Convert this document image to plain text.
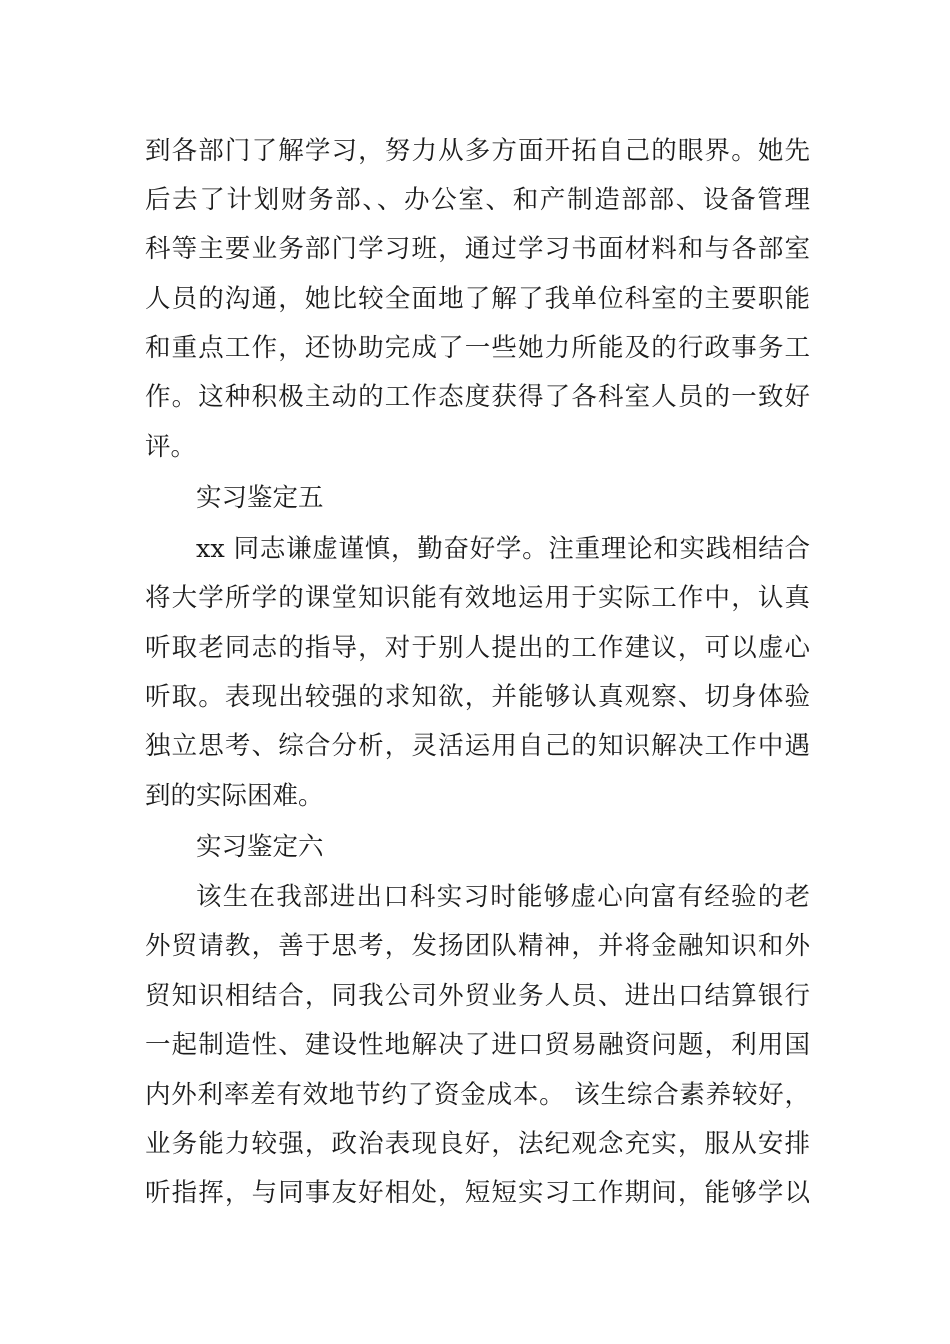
到各部门了解学习，努力从多方面开拓自己的眼界。她先
后去了计划财务部、、办公室、和产制造部部、设备管理
科等主要业务部门学习班，通过学习书面材料和与各部室
人员的沟通，她比较全面地了解了我单位科室的主要职能
和重点工作，还协助完成了一些她力所能及的行政事务工
作。这种积极主动的工作态度获得了各科室人员的一致好
评。
实习鉴定五
xx 同志谦虚谨慎，勤奋好学。注重理论和实践相结合
将大学所学的课堂知识能有效地运用于实际工作中，认真
听取老同志的指导，对于别人提出的工作建议，可以虚心
听取。表现出较强的求知欲，并能够认真观察、切身体验
独立思考、综合分析，灵活运用自己的知识解决工作中遇
到的实际困难。
实习鉴定六
该生在我部进出口科实习时能够虚心向富有经验的老
外贸请教，善于思考，发扬团队精神，并将金融知识和外
贸知识相结合，同我公司外贸业务人员、进出口结算银行
一起制造性、建设性地解决了进口贸易融资问题，利用国
内外利率差有效地节约了资金成本。 该生综合素养较好，
业务能力较强，政治表现良好，法纪观念充实，服从安排
听指挥，与同事友好相处，短短实习工作期间，能够学以
